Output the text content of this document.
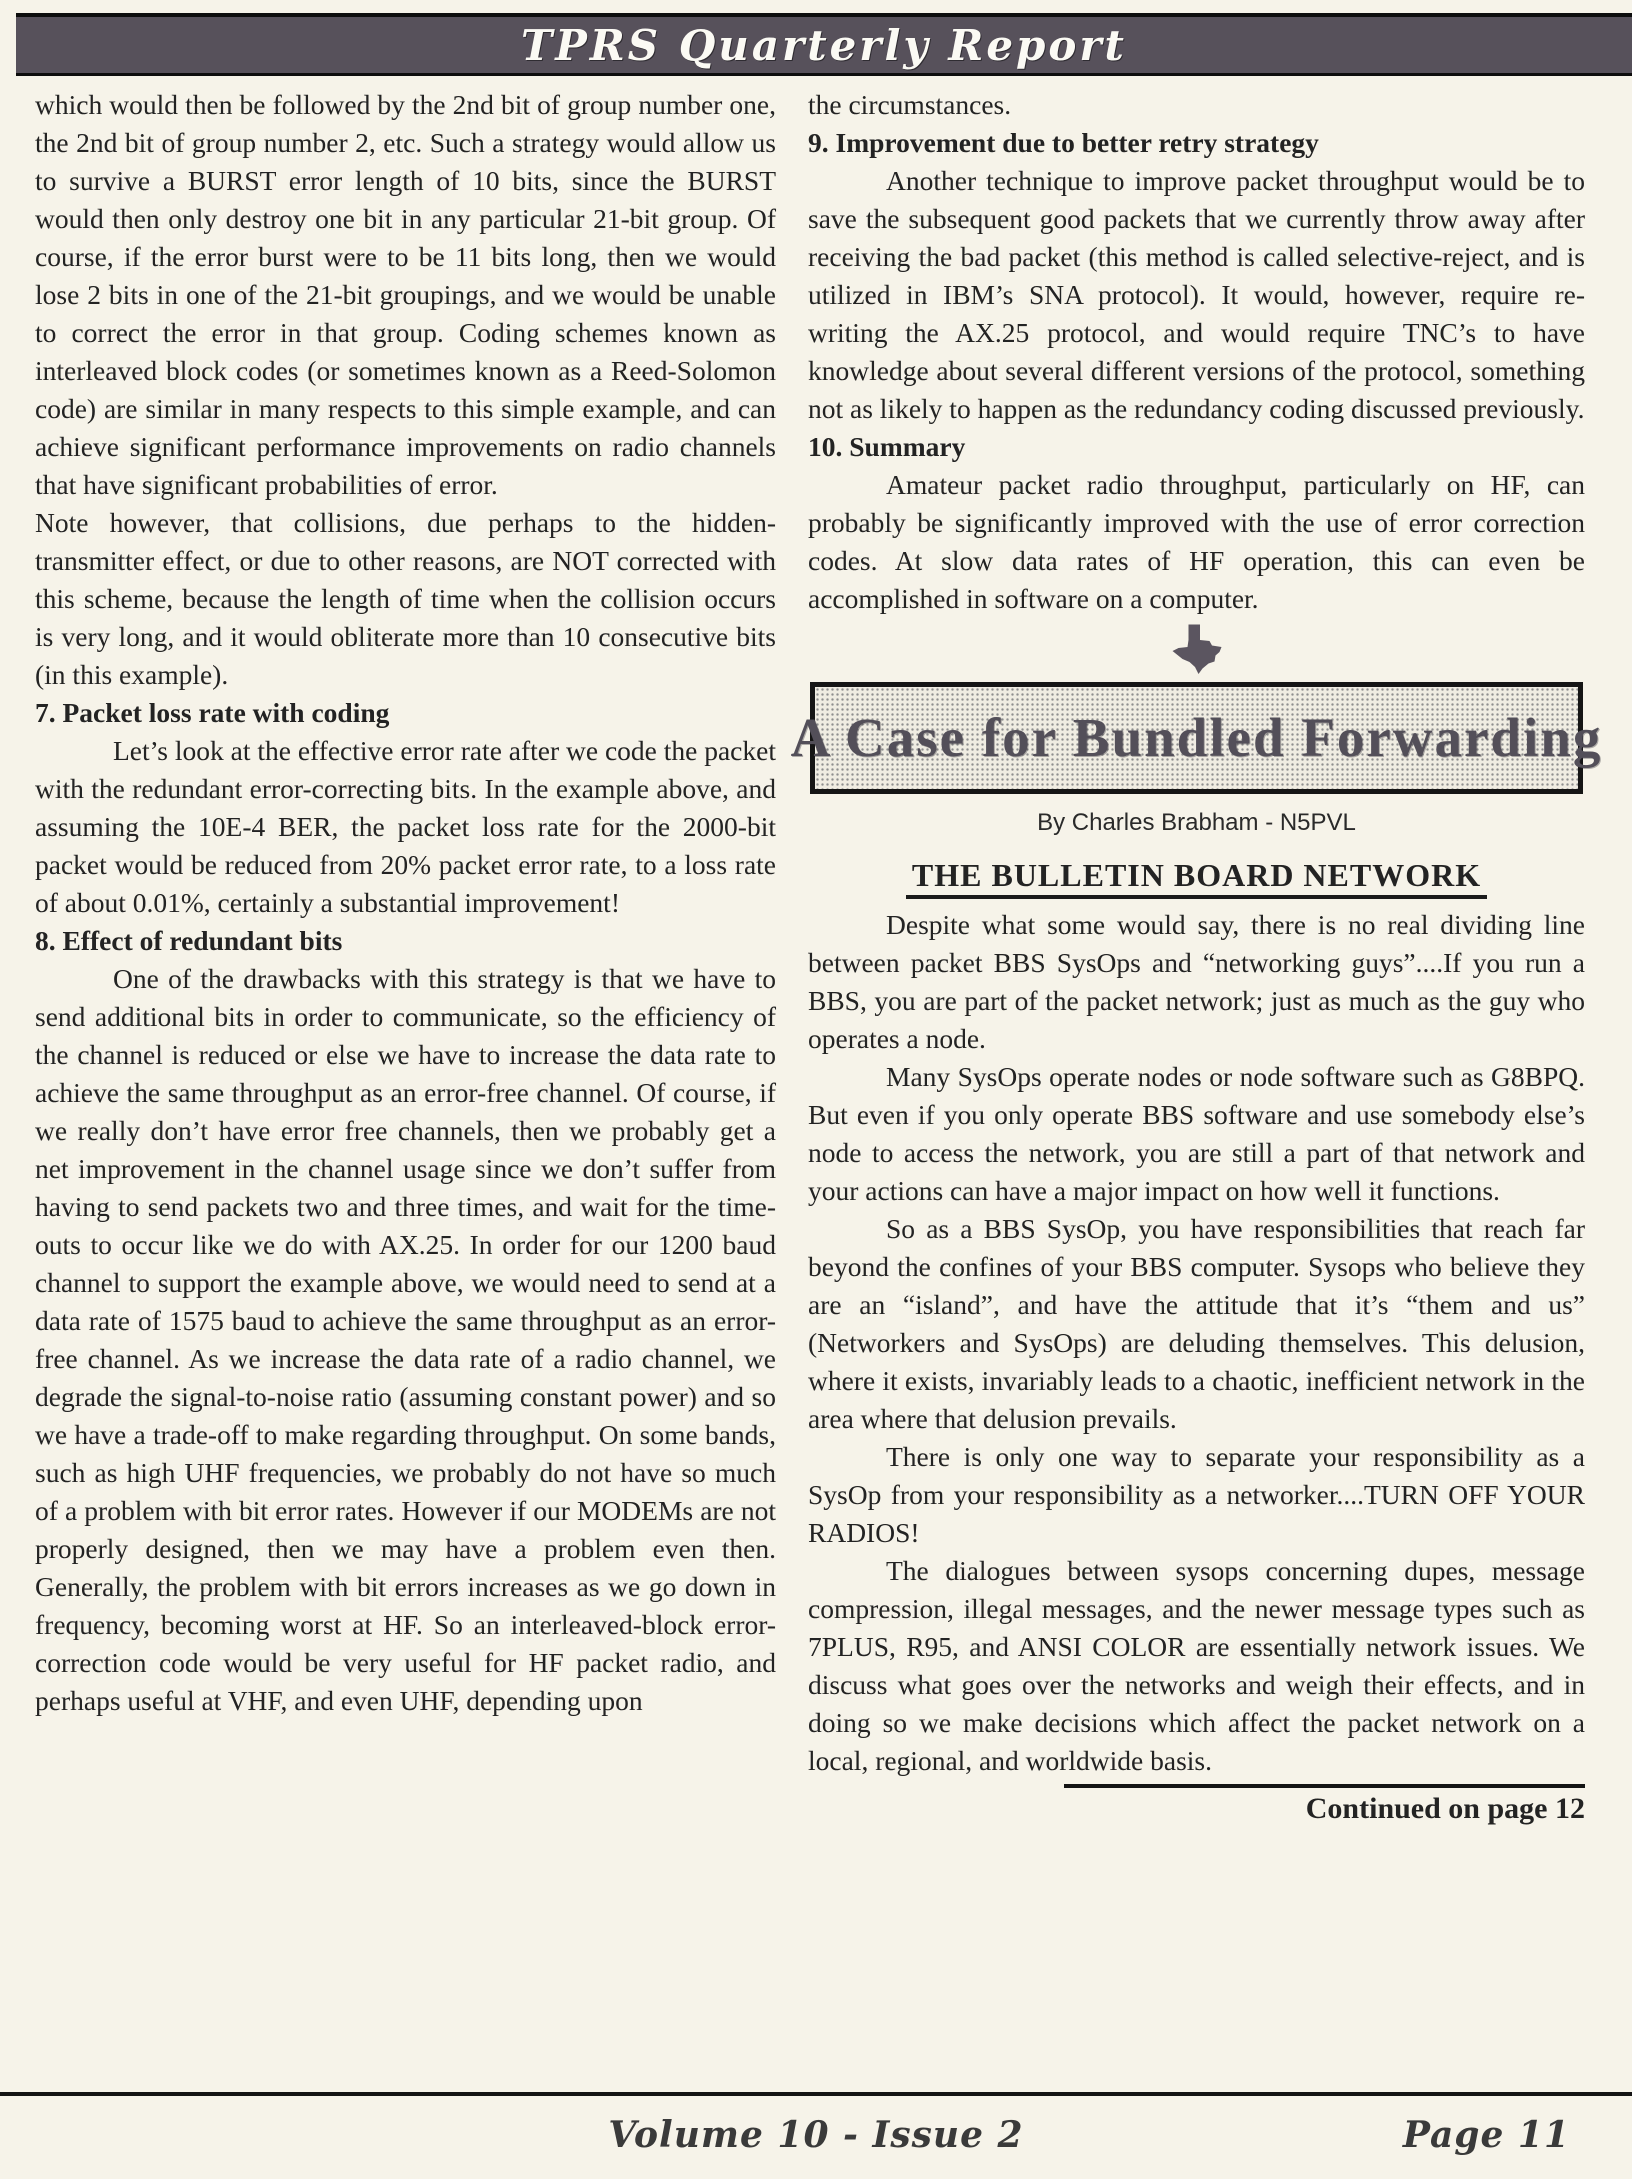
TPRS Quarterly Report
which would then be followed by the 2nd bit of group number one, the 2nd bit of group number 2, etc. Such a strategy would allow us to survive a BURST error length of 10 bits, since the BURST would then only destroy one bit in any particular 21-bit group. Of course, if the error burst were to be 11 bits long, then we would lose 2 bits in one of the 21-bit groupings, and we would be unable to correct the error in that group. Coding schemes known as interleaved block codes (or sometimes known as a Reed-Solomon code) are similar in many respects to this simple example, and can achieve significant performance improvements on radio channels that have significant probabilities of error.
Note however, that collisions, due perhaps to the hidden-transmitter effect, or due to other reasons, are NOT corrected with this scheme, because the length of time when the collision occurs is very long, and it would obliterate more than 10 consecutive bits (in this example).
7. Packet loss rate with coding
Let’s look at the effective error rate after we code the packet with the redundant error-correcting bits. In the example above, and assuming the 10E-4 BER, the packet loss rate for the 2000-bit packet would be reduced from 20% packet error rate, to a loss rate of about 0.01%, certainly a substantial improvement!
8. Effect of redundant bits
One of the drawbacks with this strategy is that we have to send additional bits in order to communicate, so the efficiency of the channel is reduced or else we have to increase the data rate to achieve the same throughput as an error-free channel. Of course, if we really don’t have error free channels, then we probably get a net improvement in the channel usage since we don’t suffer from having to send packets two and three times, and wait for the time-outs to occur like we do with AX.25. In order for our 1200 baud channel to support the example above, we would need to send at a data rate of 1575 baud to achieve the same throughput as an error-free channel. As we increase the data rate of a radio channel, we degrade the signal-to-noise ratio (assuming constant power) and so we have a trade-off to make regarding throughput. On some bands, such as high UHF frequencies, we probably do not have so much of a problem with bit error rates. However if our MODEMs are not properly designed, then we may have a problem even then. Generally, the problem with bit errors increases as we go down in frequency, becoming worst at HF. So an interleaved-block error-correction code would be very useful for HF packet radio, and perhaps useful at VHF, and even UHF, depending upon
the circumstances.
9. Improvement due to better retry strategy
Another technique to improve packet throughput would be to save the subsequent good packets that we currently throw away after receiving the bad packet (this method is called selective-reject, and is utilized in IBM’s SNA protocol). It would, however, require re-writing the AX.25 protocol, and would require TNC’s to have knowledge about several different versions of the protocol, something not as likely to happen as the redundancy coding discussed previously.
10. Summary
Amateur packet radio throughput, particularly on HF, can probably be significantly improved with the use of error correction codes. At slow data rates of HF operation, this can even be accomplished in software on a computer.
A Case for Bundled Forwarding
By Charles Brabham - N5PVL
THE BULLETIN BOARD NETWORK
Despite what some would say, there is no real dividing line between packet BBS SysOps and “networking guys”....If you run a BBS, you are part of the packet network; just as much as the guy who operates a node.
Many SysOps operate nodes or node software such as G8BPQ. But even if you only operate BBS software and use somebody else’s node to access the network, you are still a part of that network and your actions can have a major impact on how well it functions.
So as a BBS SysOp, you have responsibilities that reach far beyond the confines of your BBS computer. Sysops who believe they are an “island”, and have the attitude that it’s “them and us” (Networkers and SysOps) are deluding themselves. This delusion, where it exists, invariably leads to a chaotic, inefficient network in the area where that delusion prevails.
There is only one way to separate your responsibility as a SysOp from your responsibility as a networker....TURN OFF YOUR RADIOS!
The dialogues between sysops concerning dupes, message compression, illegal messages, and the newer message types such as 7PLUS, R95, and ANSI COLOR are essentially network issues. We discuss what goes over the networks and weigh their effects, and in doing so we make decisions which affect the packet network on a local, regional, and worldwide basis.
Continued on page 12
Volume 10 - Issue 2	Page 11
